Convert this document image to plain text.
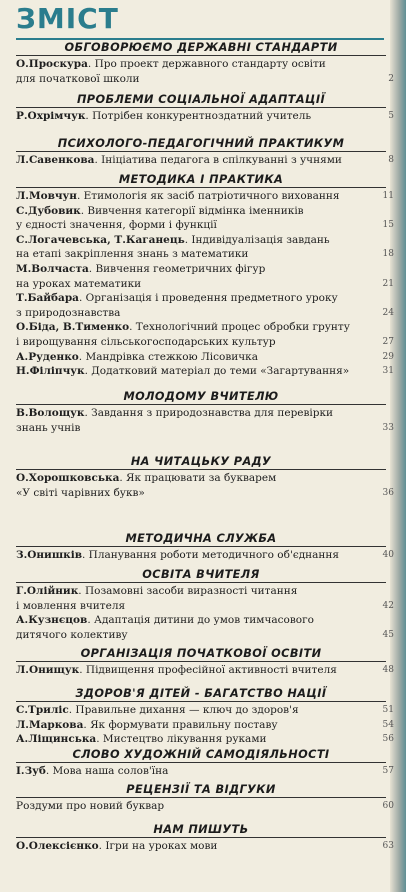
ЗМІСТ
ОБГОВОРЮЄМО ДЕРЖАВНІ СТАНДАРТИ
О.Проскура. Про проект державного стандарту освіти
для початкової школи	2
ПРОБЛЕМИ СОЦІАЛЬНОЇ АДАПТАЦІЇ
Р.Охрімчук. Потрібен конкурентноздатний учитель	5
ПСИХОЛОГО-ПЕДАГОГІЧНИЙ ПРАКТИКУМ
Л.Савенкова. Ініціатива педагога в спілкуванні з учнями	8
МЕТОДИКА І ПРАКТИКА
Л.Мовчун. Етимологія як засіб патріотичного виховання	11
С.Дубовик. Вивчення категорії відмінка іменників
у єдності значення, форми і функції	15
С.Логачевська, Т.Каганець. Індивідуалізація завдань
на етапі закріплення знань з математики	18
М.Волчаста. Вивчення геометричних фігур
на уроках математики	21
Т.Байбара. Організація і проведення предметного уроку
з природознавства	24
О.Біда, В.Тименко. Технологічний процес обробки грунту
і вирощування сільськогосподарських культур	27
А.Руденко. Мандрівка стежкою Лісовичка	29
Н.Філіпчук. Додатковий матеріал до теми «Загартування»	31
МОЛОДОМУ ВЧИТЕЛЮ
В.Волощук. Завдання з природознавства для перевірки
знань учнів	33
НА ЧИТАЦЬКУ РАДУ
О.Хорошковська. Як працювати за букварем
«У світі чарівних букв»	36
МЕТОДИЧНА СЛУЖБА
З.Онишків. Планування роботи методичного об'єднання	40
ОСВІТА ВЧИТЕЛЯ
Г.Олійник. Позамовні засоби виразності читання
і мовлення вчителя	42
А.Кузнєцов. Адаптація дитини до умов тимчасового
дитячого колективу	45
ОРГАНІЗАЦІЯ ПОЧАТКОВОЇ ОСВІТИ
Л.Онищук. Підвищення професійної активності вчителя	48
ЗДОРОВ'Я ДІТЕЙ - БАГАТСТВО НАЦІЇ
С.Триліс. Правильне дихання — ключ до здоров'я	51
Л.Маркова. Як формувати правильну поставу	54
А.Ліщинська. Мистецтво лікування руками	56
СЛОВО ХУДОЖНІЙ САМОДІЯЛЬНОСТІ
І.Зуб. Мова наша солов'їна	57
РЕЦЕНЗІЇ ТА ВІДГУКИ
Роздуми про новий буквар	60
НАМ ПИШУТЬ
О.Олексієнко. Ігри на уроках мови	63
